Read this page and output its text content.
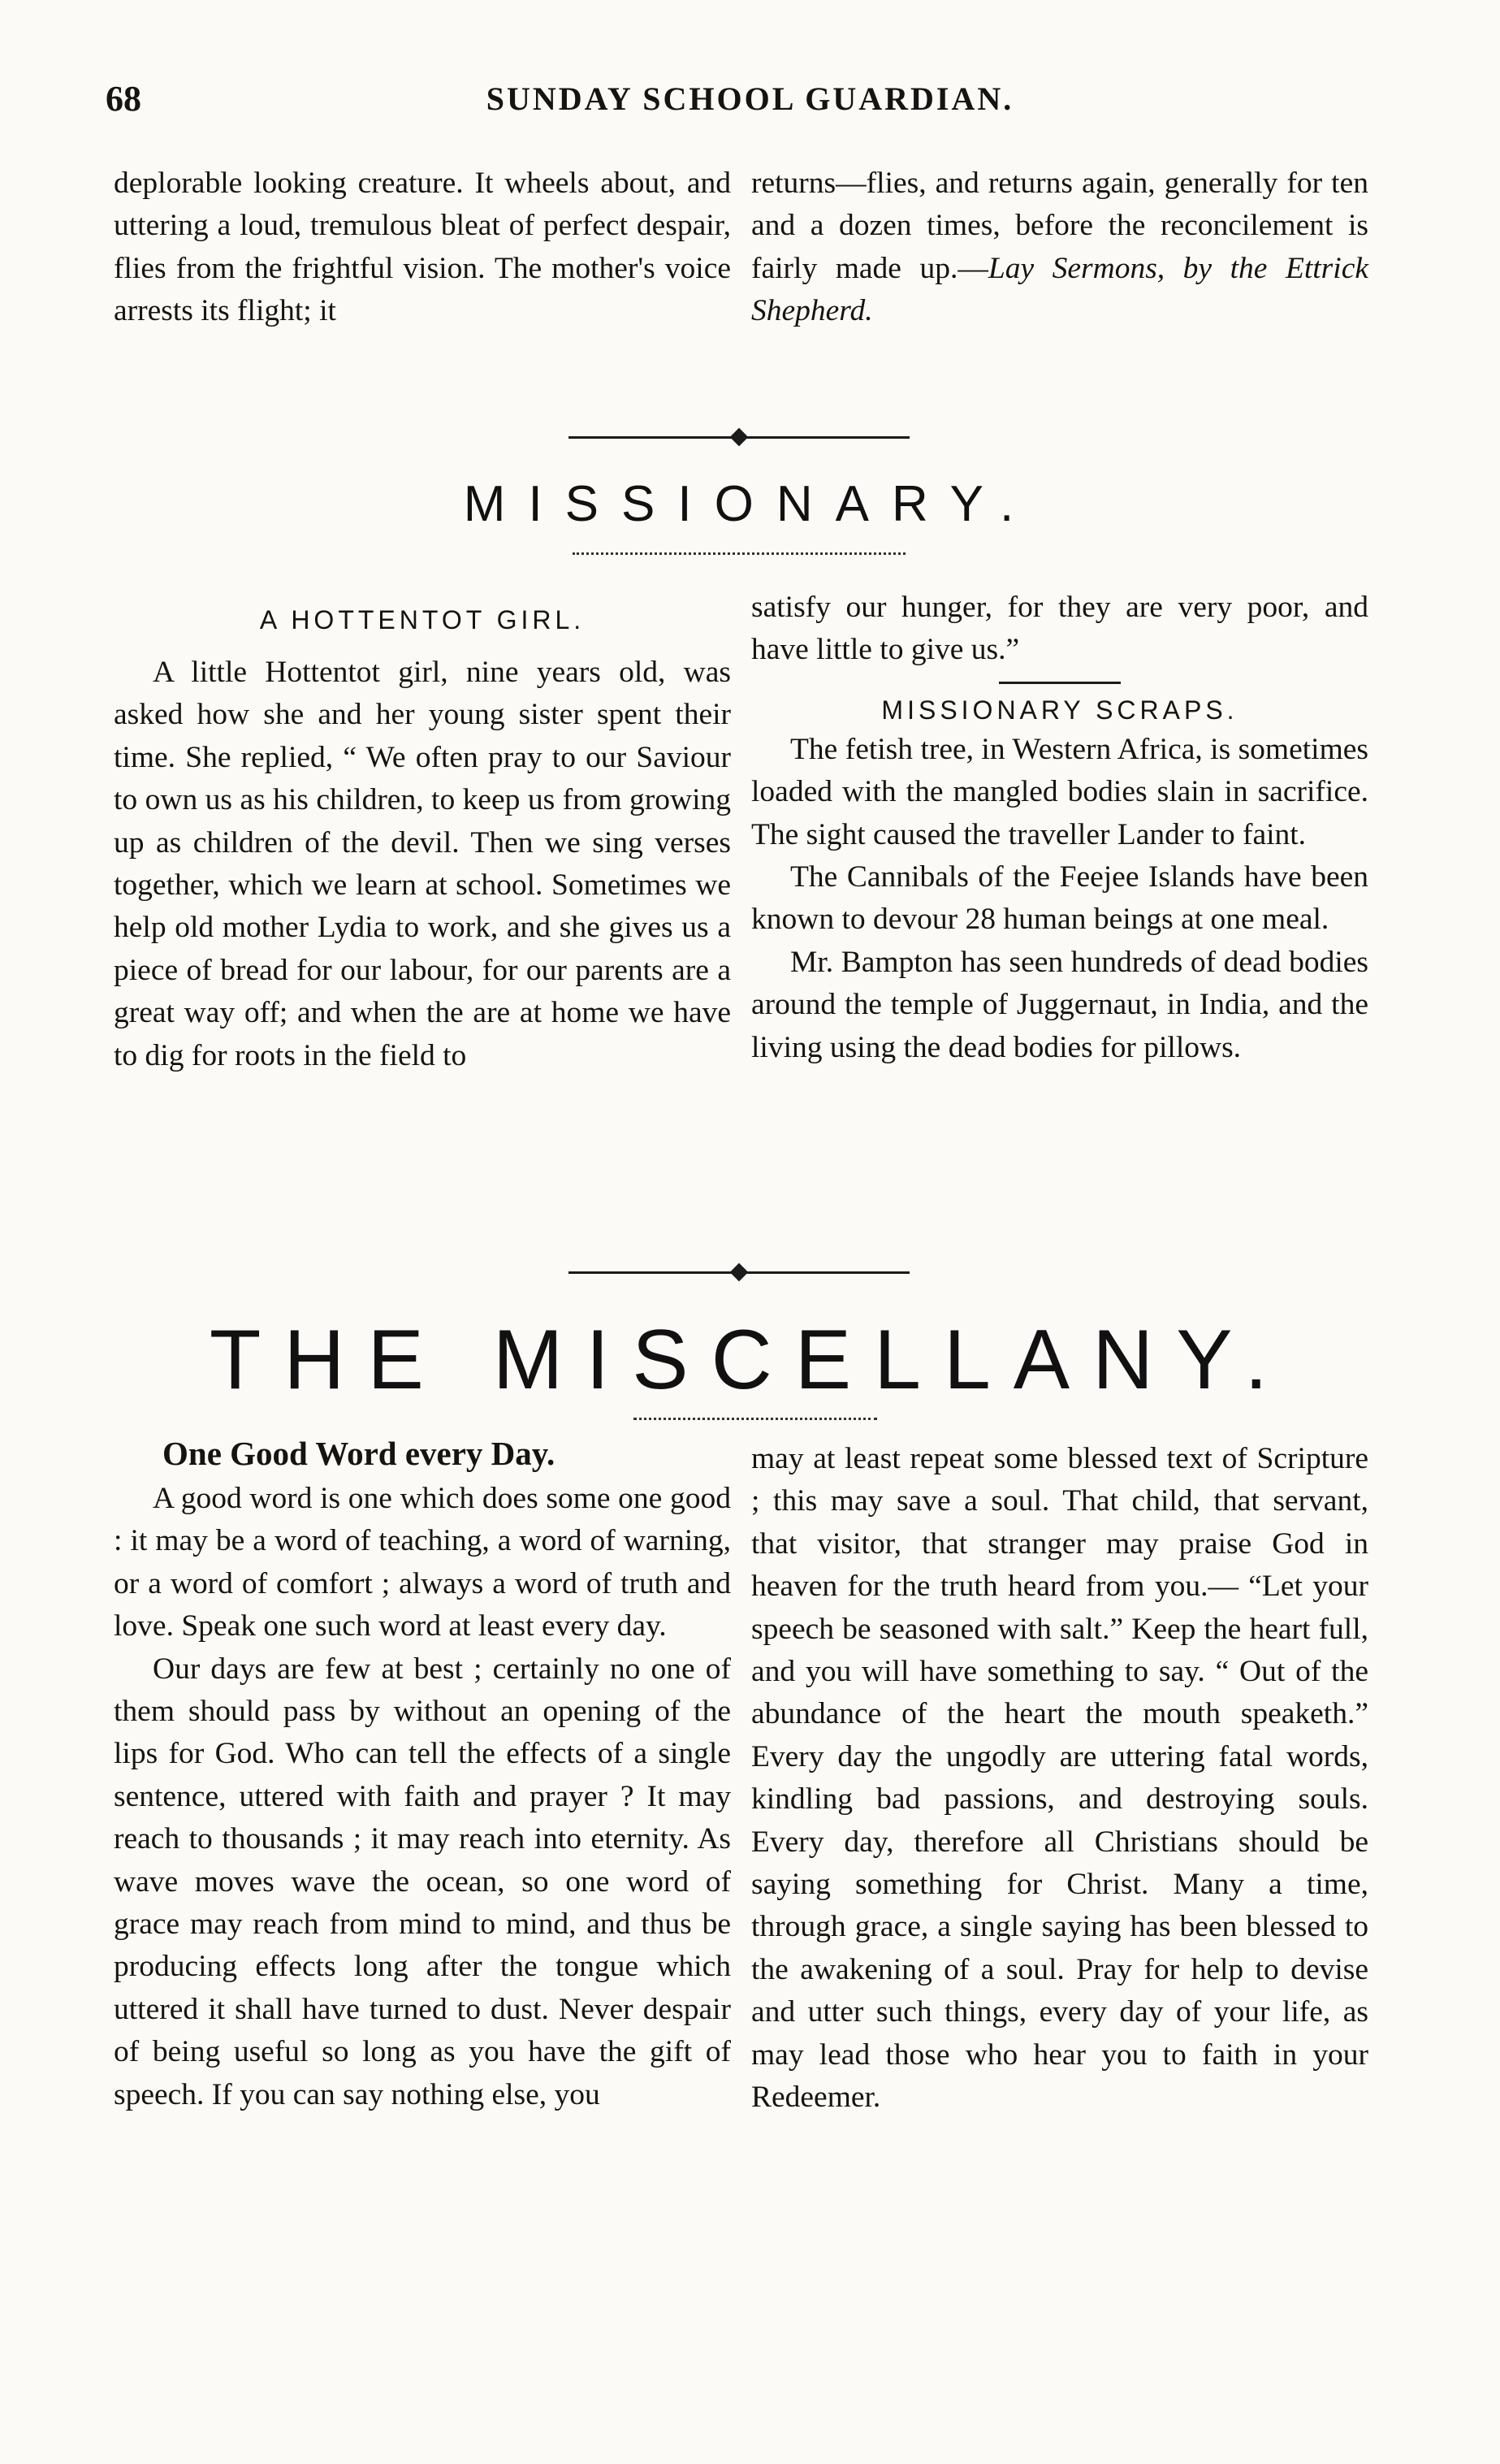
68	SUNDAY SCHOOL GUARDIAN.

deplorable looking creature. It wheels about, and uttering a loud, tremulous bleat of perfect despair, flies from the frightful vision. The mother's voice arrests its flight; it

returns—flies, and returns again, generally for ten and a dozen times, before the reconcilement is fairly made up.—Lay Sermons, by the Ettrick Shepherd.

MISSIONARY.
A HOTTENTOT GIRL.

A little Hottentot girl, nine years old, was asked how she and her young sister spent their time. She replied, “ We often pray to our Saviour to own us as his children, to keep us from growing up as children of the devil. Then we sing verses together, which we learn at school. Sometimes we help old mother Lydia to work, and she gives us a piece of bread for our labour, for our parents are a great way off; and when the are at home we have to dig for roots in the field to

satisfy our hunger, for they are very poor, and have little to give us.”

MISSIONARY SCRAPS.

The fetish tree, in Western Africa, is sometimes loaded with the mangled bodies slain in sacrifice. The sight caused the traveller Lander to faint.

The Cannibals of the Feejee Islands have been known to devour 28 human beings at one meal.

Mr. Bampton has seen hundreds of dead bodies around the temple of Juggernaut, in India, and the living using the dead bodies for pillows.

THE MISCELLANY.
One Good Word every Day.

A good word is one which does some one good : it may be a word of teaching, a word of warning, or a word of comfort ; always a word of truth and love. Speak one such word at least every day.

Our days are few at best ; certainly no one of them should pass by without an opening of the lips for God. Who can tell the effects of a single sentence, uttered with faith and prayer ? It may reach to thousands ; it may reach into eternity. As wave moves wave the ocean, so one word of grace may reach from mind to mind, and thus be producing effects long after the tongue which uttered it shall have turned to dust. Never despair of being useful so long as you have the gift of speech. If you can say nothing else, you

may at least repeat some blessed text of Scripture ; this may save a soul. That child, that servant, that visitor, that stranger may praise God in heaven for the truth heard from you.— “Let your speech be seasoned with salt.” Keep the heart full, and you will have something to say. “ Out of the abundance of the heart the mouth speaketh.” Every day the ungodly are uttering fatal words, kindling bad passions, and destroying souls. Every day, therefore all Christians should be saying something for Christ. Many a time, through grace, a single saying has been blessed to the awakening of a soul. Pray for help to devise and utter such things, every day of your life, as may lead those who hear you to faith in your Redeemer.
